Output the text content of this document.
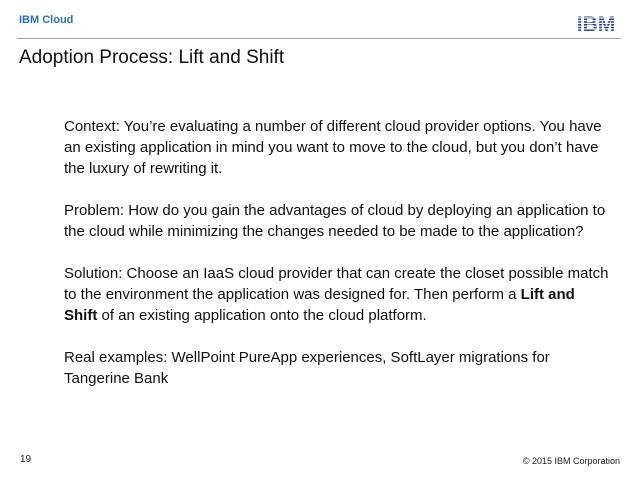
IBM Cloud	IBM
Adoption Process: Lift and Shift

Context: You’re evaluating a number of different cloud provider options. You have an existing application in mind you want to move to the cloud, but you don’t have the luxury of rewriting it.

Problem: How do you gain the advantages of cloud by deploying an application to the cloud while minimizing the changes needed to be made to the application?

Solution: Choose an IaaS cloud provider that can create the closet possible match to the environment the application was designed for. Then perform a Lift and Shift of an existing application onto the cloud platform.

Real examples: WellPoint PureApp experiences, SoftLayer migrations for Tangerine Bank

19	© 2015 IBM Corporation
